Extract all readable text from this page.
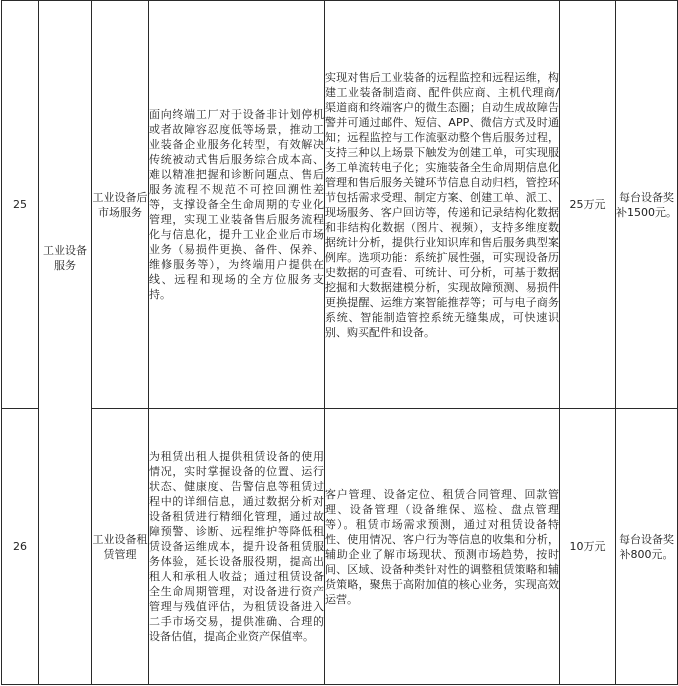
25	工业设备服务	工业设备后市场服务	面向终端工厂对于设备非计划停机或者故障容忍度低等场景，推动工业装备企业服务化转型，有效解决传统被动式售后服务综合成本高、难以精准把握和诊断问题点、售后服务流程不规范不可控回溯性差等，支撑设备全生命周期的专业化管理，实现工业装备售后服务流程化与信息化，提升工业企业后市场业务（易损件更换、备件、保养、维修服务等），为终端用户提供在线、远程和现场的全方位服务支持。	实现对售后工业装备的远程监控和远程运维，构建工业装备制造商、配件供应商、主机代理商/渠道商和终端客户的微生态圈；自动生成故障告警并可通过邮件、短信、APP、微信方式及时通知；远程监控与工作流驱动整个售后服务过程，支持三种以上场景下触发为创建工单，可实现服务工单流转电子化；实施装备全生命周期信息化管理和售后服务关键环节信息自动归档，管控环节包括需求受理、制定方案、创建工单、派工、现场服务、客户回访等，传递和记录结构化数据和非结构化数据（图片、视频），支持多维度数据统计分析，提供行业知识库和售后服务典型案例库。选项功能：系统扩展性强，可实现设备历史数据的可查看、可统计、可分析，可基于数据挖掘和大数据建模分析，实现故障预测、易损件更换提醒、运维方案智能推荐等；可与电子商务系统、智能制造管控系统无缝集成，可快速识别、购买配件和设备。	25万元	每台设备奖补1500元。

26		工业设备租赁管理	为租赁出租人提供租赁设备的使用情况，实时掌握设备的位置、运行状态、健康度、告警信息等租赁过程中的详细信息，通过数据分析对设备租赁进行精细化管理，通过故障预警、诊断、远程维护等降低租赁设备运维成本，提升设备租赁服务体验，延长设备服役期，提高出租人和承租人收益；通过租赁设备全生命周期管理，对设备进行资产管理与残值评估，为租赁设备进入二手市场交易，提供准确、合理的设备估值，提高企业资产保值率。	客户管理、设备定位、租赁合同管理、回款管理、设备管理（设备维保、巡检、盘点管理等）。租赁市场需求预测，通过对租赁设备特性、使用情况、客户行为等信息的收集和分析，辅助企业了解市场现状、预测市场趋势，按时间、区域、设备种类针对性的调整租赁策略和辅货策略，聚焦于高附加值的核心业务，实现高效运营。	10万元	每台设备奖补800元。
